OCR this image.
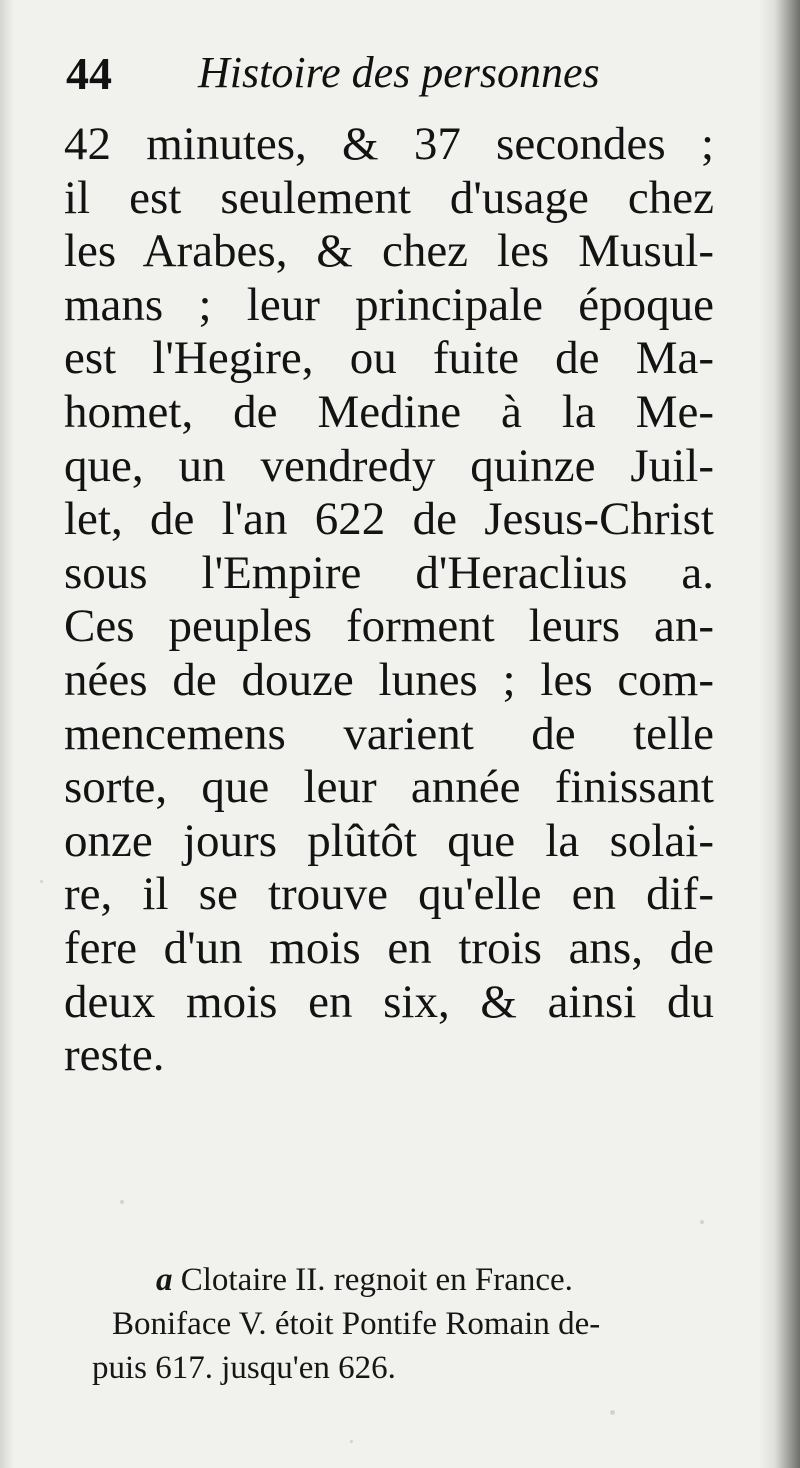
44 Histoire des personnes
42 minutes, & 37 secondes ;
il est seulement d'usage chez
les Arabes, & chez les Musul-
mans ; leur principale époque
est l'Hegire, ou fuite de Ma-
homet, de Medine à la Me-
que, un vendredy quinze Juil-
let, de l'an 622 de Jesus-Christ
sous l'Empire d'Heraclius a.
Ces peuples forment leurs an-
nées de douze lunes ; les com-
mencemens varient de telle
sorte, que leur année finissant
onze jours plûtôt que la solai-
re, il se trouve qu'elle en dif-
fere d'un mois en trois ans, de
deux mois en six, & ainsi du
reste.
a Clotaire II. regnoit en France.
Boniface V. étoit Pontife Romain de-
puis 617. jusqu'en 626.
